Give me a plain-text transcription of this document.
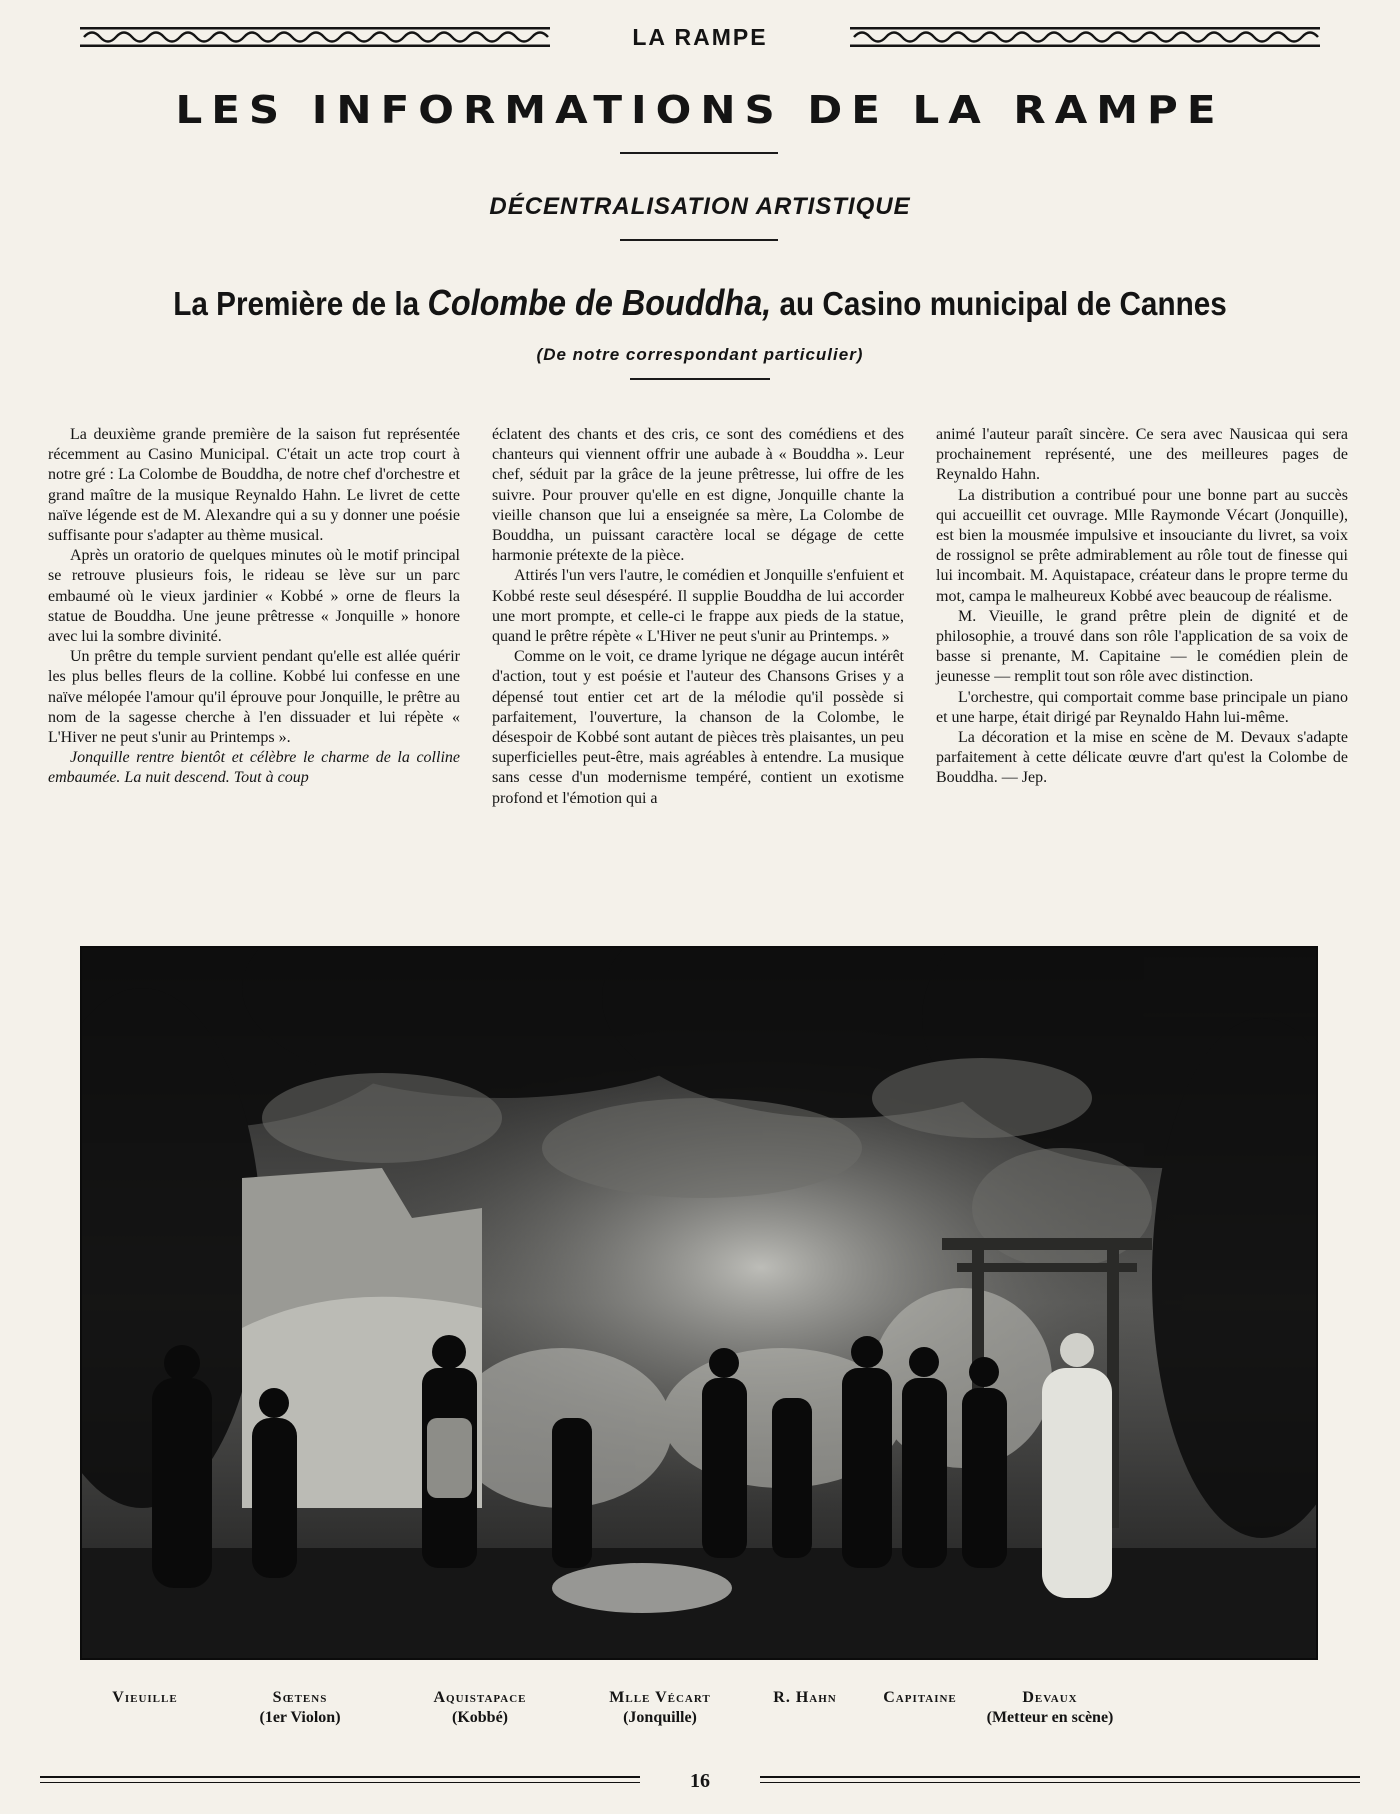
LA RAMPE
LES INFORMATIONS DE LA RAMPE
DÉCENTRALISATION ARTISTIQUE
La Première de la Colombe de Bouddha, au Casino municipal de Cannes
(De notre correspondant particulier)

La deuxième grande première de la saison fut représentée récemment au Casino Municipal. C'était un acte trop court à notre gré : La Colombe de Bouddha, de notre chef d'orchestre et grand maître de la musique Reynaldo Hahn. Le livret de cette naïve légende est de M. Alexandre qui a su y donner une poésie suffisante pour s'adapter au thème musical.

Après un oratorio de quelques minutes où le motif principal se retrouve plusieurs fois, le rideau se lève sur un parc embaumé où le vieux jardinier « Kobbé » orne de fleurs la statue de Bouddha. Une jeune prêtresse « Jonquille » honore avec lui la sombre divinité.

Un prêtre du temple survient pendant qu'elle est allée quérir les plus belles fleurs de la colline. Kobbé lui confesse en une naïve mélopée l'amour qu'il éprouve pour Jonquille, le prêtre au nom de la sagesse cherche à l'en dissuader et lui répète « L'Hiver ne peut s'unir au Printemps ».

Jonquille rentre bientôt et célèbre le charme de la colline embaumée. La nuit descend. Tout à coup

éclatent des chants et des cris, ce sont des comédiens et des chanteurs qui viennent offrir une aubade à « Bouddha ». Leur chef, séduit par la grâce de la jeune prêtresse, lui offre de les suivre. Pour prouver qu'elle en est digne, Jonquille chante la vieille chanson que lui a enseignée sa mère, La Colombe de Bouddha, un puissant caractère local se dégage de cette harmonie prétexte de la pièce.

Attirés l'un vers l'autre, le comédien et Jonquille s'enfuient et Kobbé reste seul désespéré. Il supplie Bouddha de lui accorder une mort prompte, et celle-ci le frappe aux pieds de la statue, quand le prêtre répète « L'Hiver ne peut s'unir au Printemps. »

Comme on le voit, ce drame lyrique ne dégage aucun intérêt d'action, tout y est poésie et l'auteur des Chansons Grises y a dépensé tout entier cet art de la mélodie qu'il possède si parfaitement, l'ouverture, la chanson de la Colombe, le désespoir de Kobbé sont autant de pièces très plaisantes, un peu superficielles peut-être, mais agréables à entendre. La musique sans cesse d'un modernisme tempéré, contient un exotisme profond et l'émotion qui a

animé l'auteur paraît sincère. Ce sera avec Nausicaa qui sera prochainement représenté, une des meilleures pages de Reynaldo Hahn.

La distribution a contribué pour une bonne part au succès qui accueillit cet ouvrage. Mlle Raymonde Vécart (Jonquille), est bien la mousmée impulsive et insouciante du livret, sa voix de rossignol se prête admirablement au rôle tout de finesse qui lui incombait. M. Aquistapace, créateur dans le propre terme du mot, campa le malheureux Kobbé avec beaucoup de réalisme.

M. Vieuille, le grand prêtre plein de dignité et de philosophie, a trouvé dans son rôle l'application de sa voix de basse si prenante, M. Capitaine — le comédien plein de jeunesse — remplit tout son rôle avec distinction.

L'orchestre, qui comportait comme base principale un piano et une harpe, était dirigé par Reynaldo Hahn lui-même.

La décoration et la mise en scène de M. Devaux s'adapte parfaitement à cette délicate œuvre d'art qu'est la Colombe de Bouddha. — Jep.

Vieuille	Sœtens
(1er Violon)
Aquistapace
(Kobbé)
Mlle Vécart
(Jonquille)
R. Hahn	Capitaine	Devaux
(Metteur en scène)
16
